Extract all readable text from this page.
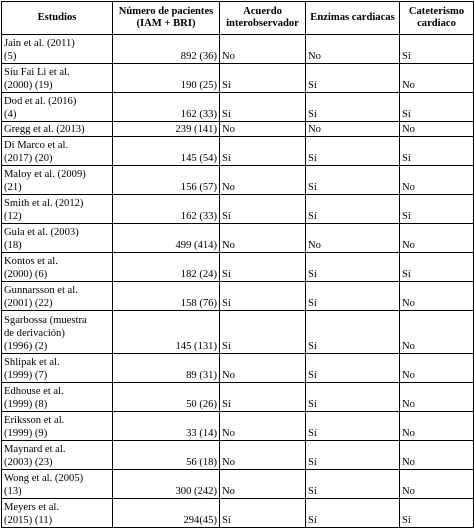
Estudios	Número de pacientes (IAM + BRI)	Acuerdo interobservador	Enzimas cardiacas	Cateterismo cardiaco

Jain et al. (2011)
(5)	892 (36)	No	No	Sí

Siu Fai Li et al.
(2000) (19)	190 (25)	Sí	Sí	No

Dod et al. (2016)
(4)	162 (33)	Sí	Sí	Sí

Gregg et al. (2013)	239 (141)	No	No	No

Di Marco et al.
(2017) (20)	145 (54)	Sí	Sí	Sí

Maloy et al. (2009)
(21)	156 (57)	No	Sí	No

Smith et al. (2012)
(12)	162 (33)	Sí	Sí	Sí

Gula et al. (2003)
(18)	499 (414)	No	No	No

Kontos et al.
(2000) (6)	182 (24)	Sí	Sí	Sí

Gunnarsson et al.
(2001) (22)	158 (76)	Sí	Sí	No

Sgarbossa (muestra
de derivación)
(1996) (2)	145 (131)	Sí	Sí	No

Shlipak et al.
(1999) (7)	89 (31)	No	Sí	No

Edhouse et al.
(1999) (8)	50 (26)	Sí	Sí	No

Eriksson et al.
(1999) (9)	33 (14)	No	Sí	No

Maynard et al.
(2003) (23)	56 (18)	No	Sí	No

Wong et al. (2005)
(13)	300 (242)	No	Sí	No

Meyers et al.
(2015) (11)	294(45)	Sí	Sí	Sí
